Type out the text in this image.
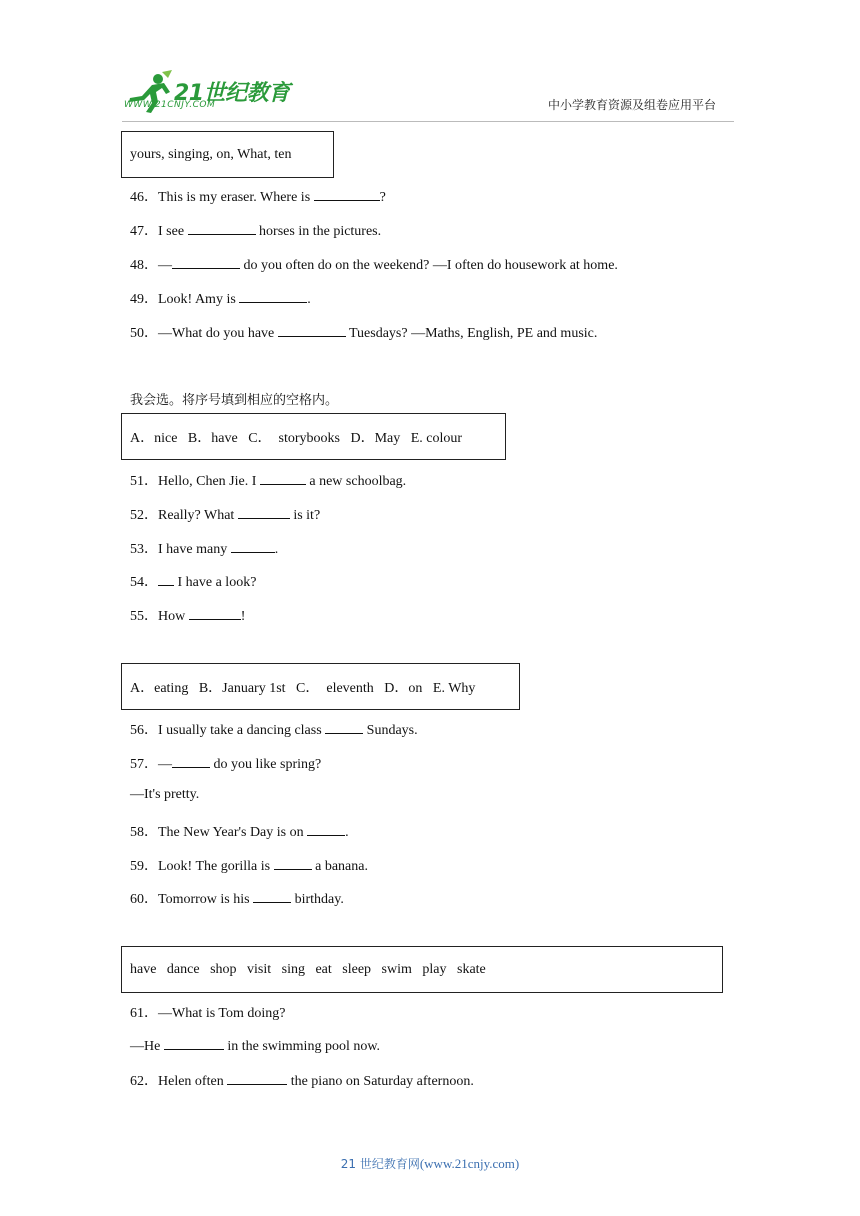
21世纪教育
WWW.21CNJY.COM	中小学教育资源及组卷应用平台
yours, singing, on, What, ten
46．This is my eraser. Where is	?
47．I see	horses in the pictures.
48．—	do you often do on the weekend? —I often do housework at home.
49．Look! Amy is	.
50．—What do you have	Tuesdays? —Maths, English, PE and music.
我会选。将序号填到相应的空格内。
A．nice   B．have   C．  storybooks   D．May   E. colour
51．Hello, Chen Jie. I	a new schoolbag.
52．Really? What	is it?
53．I have many	.
54． I have a look?
55．How	!
A．eating   B．January 1st   C．  eleventh   D．on   E. Why
56．I usually take a dancing class	Sundays.
57．—	do you like spring?
—It's pretty.
58．The New Year's Day is on	.
59．Look! The gorilla is	a banana.
60．Tomorrow is his	birthday.
have   dance   shop   visit   sing   eat   sleep   swim   play   skate
61．—What is Tom doing?
—He	in the swimming pool now.
62．Helen often	the piano on Saturday afternoon.
21 世纪教育网(www.21cnjy.com)
